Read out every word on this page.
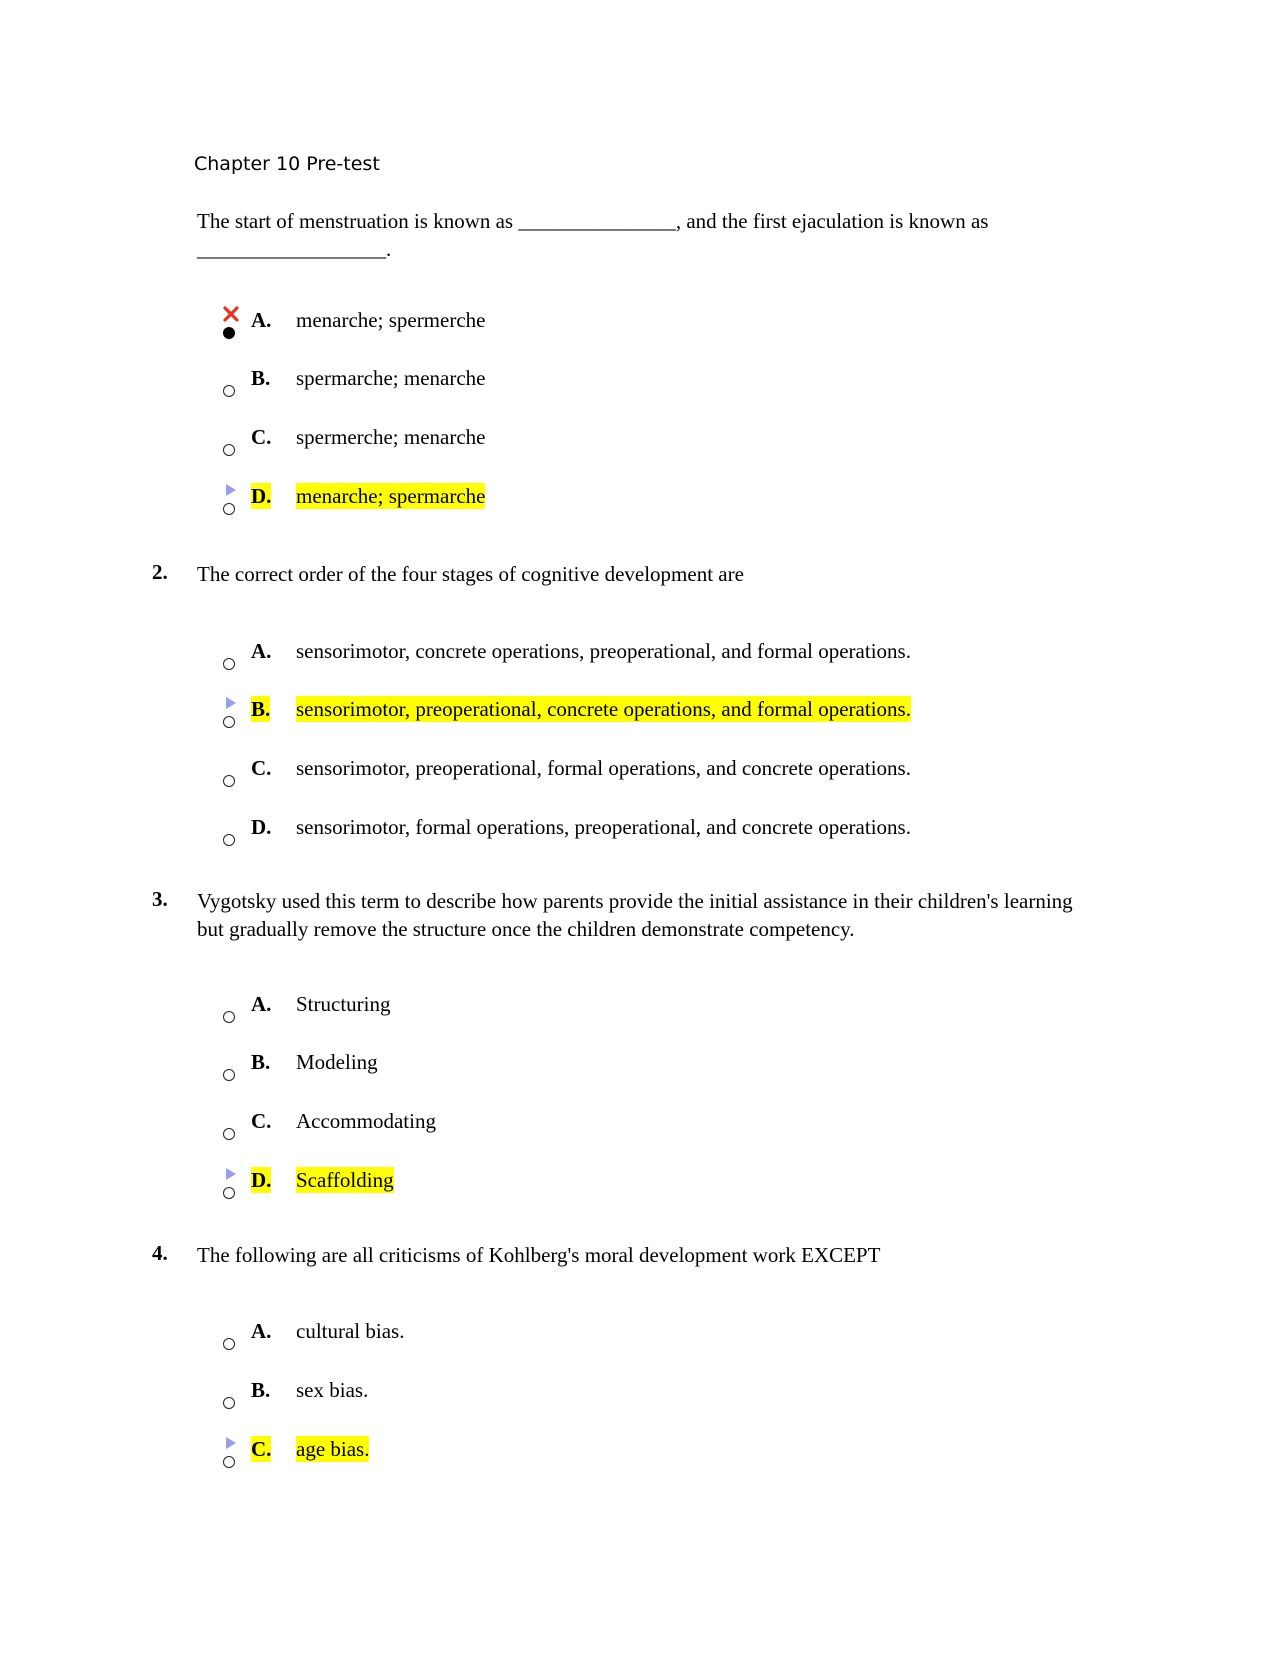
Chapter 10 Pre-test
The start of menstruation is known as _______________, and the first ejaculation is known as __________________.
A. menarche; spermerche
B. spermarche; menarche
C. spermerche; menarche
D. menarche; spermarche
2. The correct order of the four stages of cognitive development are
A. sensorimotor, concrete operations, preoperational, and formal operations.
B. sensorimotor, preoperational, concrete operations, and formal operations.
C. sensorimotor, preoperational, formal operations, and concrete operations.
D. sensorimotor, formal operations, preoperational, and concrete operations.
3. Vygotsky used this term to describe how parents provide the initial assistance in their children's learning but gradually remove the structure once the children demonstrate competency.
A. Structuring
B. Modeling
C. Accommodating
D. Scaffolding
4. The following are all criticisms of Kohlberg's moral development work EXCEPT
A. cultural bias.
B. sex bias.
C. age bias.
